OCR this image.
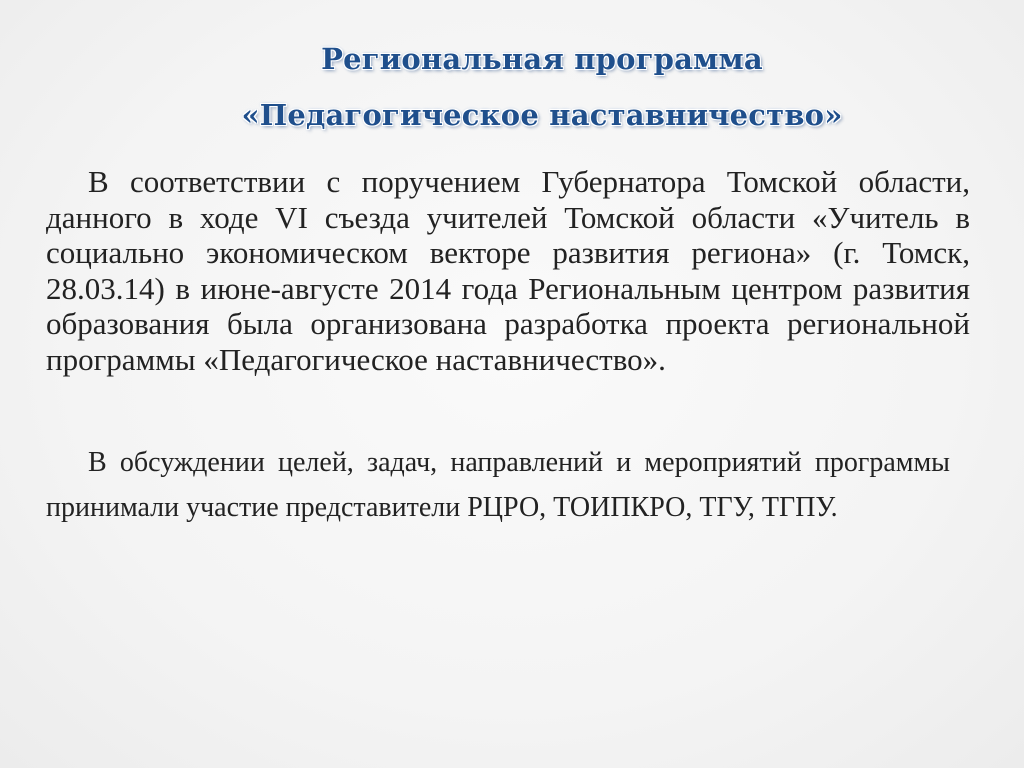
Региональная программа
«Педагогическое наставничество»

В соответствии с поручением Губернатора Томской области, данного в ходе VI съезда учителей Томской области «Учитель в социально экономическом векторе развития региона» (г. Томск, 28.03.14) в июне-августе 2014 года Региональным центром развития образования была организована разработка проекта региональной программы «Педагогическое наставничество».

В обсуждении целей, задач, направлений и мероприятий программы принимали участие представители РЦРО, ТОИПКРО, ТГУ, ТГПУ.
